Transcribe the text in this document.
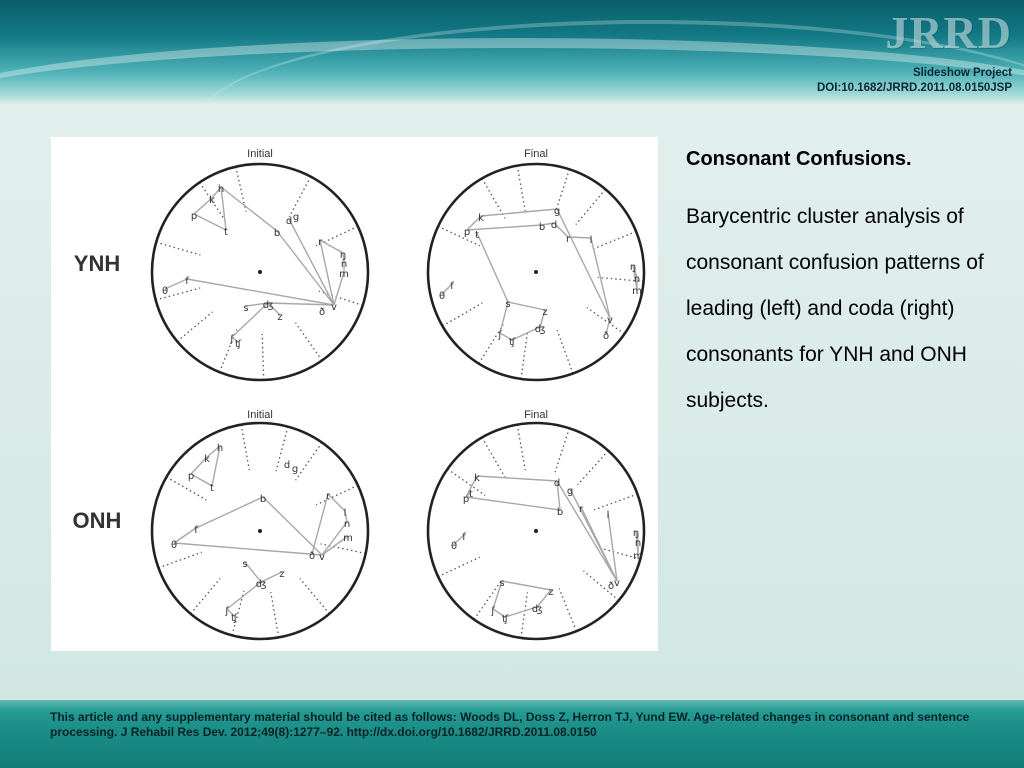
JRRD
Slideshow Project
DOI:10.1682/JRRD.2011.08.0150JSP
YNH
ONH
Initial
h
k
p
t	b
d g
r
ŋ
n
m
f
θ
s ʤ
z	ð v
ʃ ʧ
Final
k
p t
b d
g
r l
ŋ
n
m
f
θ
s
z
ʤ
ʃ
ʧ
v
ð
Initial
h
k
p
t
d g
b	r
l
n
m
f
θ
ð v
s
z
ʤ
ʃ
ʧ
Final
k
t
p
d
g
b r
l
ŋ
n
m
f
θ
ð v
s
z
ʤ
ʃ
ʧ
Consonant Confusions.
Barycentric cluster analysis of consonant confusion patterns of leading (left) and coda (right) consonants for YNH and ONH subjects.
This article and any supplementary material should be cited as follows: Woods DL, Doss Z, Herron TJ, Yund EW. Age-related changes in consonant and sentence processing. J Rehabil Res Dev. 2012;49(8):1277–92. http://dx.doi.org/10.1682/JRRD.2011.08.0150
